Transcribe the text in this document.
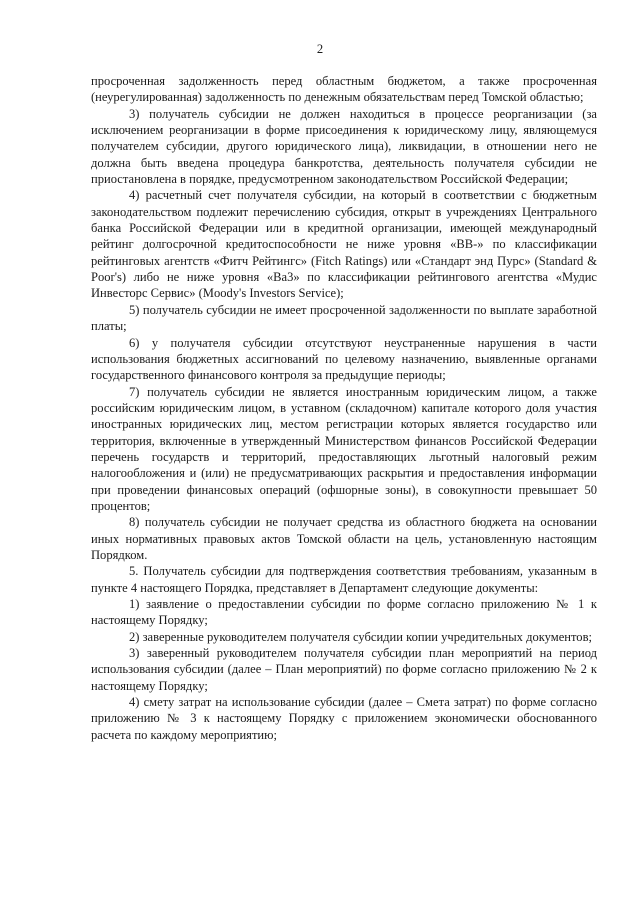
2

просроченная задолженность перед областным бюджетом, а также просроченная (неурегулированная) задолженность по денежным обязательствам перед Томской областью;

3) получатель субсидии не должен находиться в процессе реорганизации (за исключением реорганизации в форме присоединения к юридическому лицу, являющемуся получателем субсидии, другого юридического лица), ликвидации, в отношении него не должна быть введена процедура банкротства, деятельность получателя субсидии не приостановлена в порядке, предусмотренном законодательством Российской Федерации;

4) расчетный счет получателя субсидии, на который в соответствии с бюджетным законодательством подлежит перечислению субсидия, открыт в учреждениях Центрального банка Российской Федерации или в кредитной организации, имеющей международный рейтинг долгосрочной кредитоспособности не ниже уровня «ВВ-» по классификации рейтинговых агентств «Фитч Рейтингс» (Fitch Ratings) или «Стандарт энд Пурс» (Standard & Poor's) либо не ниже уровня «Ва3» по классификации рейтингового агентства «Мудис Инвесторс Сервис» (Moody's Investors Service);

5) получатель субсидии не имеет просроченной задолженности по выплате заработной платы;

6) у получателя субсидии отсутствуют неустраненные нарушения в части использования бюджетных ассигнований по целевому назначению, выявленные органами государственного финансового контроля за предыдущие периоды;

7) получатель субсидии не является иностранным юридическим лицом, а также российским юридическим лицом, в уставном (складочном) капитале которого доля участия иностранных юридических лиц, местом регистрации которых является государство или территория, включенные в утвержденный Министерством финансов Российской Федерации перечень государств и территорий, предоставляющих льготный налоговый режим налогообложения и (или) не предусматривающих раскрытия и предоставления информации при проведении финансовых операций (офшорные зоны), в совокупности превышает 50 процентов;

8) получатель субсидии не получает средства из областного бюджета на основании иных нормативных правовых актов Томской области на цель, установленную настоящим Порядком.

5. Получатель субсидии для подтверждения соответствия требованиям, указанным в пункте 4 настоящего Порядка, представляет в Департамент следующие документы:

1) заявление о предоставлении субсидии по форме согласно приложению № 1 к настоящему Порядку;

2) заверенные руководителем получателя субсидии копии учредительных документов;

3) заверенный руководителем получателя субсидии план мероприятий на период использования субсидии (далее – План мероприятий) по форме согласно приложению № 2 к настоящему Порядку;

4) смету затрат на использование субсидии (далее – Смета затрат) по форме согласно приложению № 3 к настоящему Порядку с приложением экономически обоснованного расчета по каждому мероприятию;
